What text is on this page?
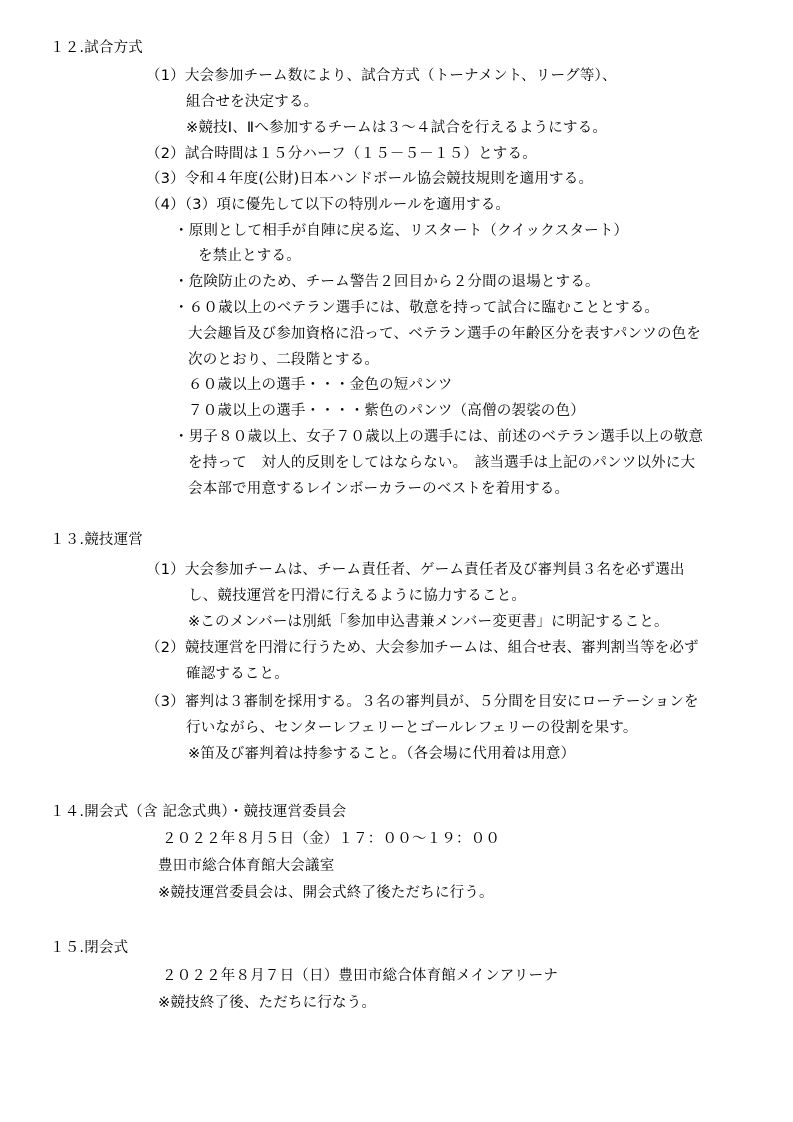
１２.試合方式
（1）大会参加チーム数により、試合方式（トーナメント、リーグ等）、
組合せを決定する。
※競技Ⅰ、Ⅱへ参加するチームは３～４試合を行えるようにする。
（2）試合時間は１５分ハーフ（１５－５－１５）とする。
（3）令和４年度(公財)日本ハンドボール協会競技規則を適用する。
（4）（3）項に優先して以下の特別ルールを適用する。
・原則として相手が自陣に戻る迄、リスタート（クイックスタート）
を禁止とする。
・危険防止のため、チーム警告２回目から２分間の退場とする。
・６０歳以上のベテラン選手には、敬意を持って試合に臨むこととする。
大会趣旨及び参加資格に沿って、ベテラン選手の年齢区分を表すパンツの色を
次のとおり、二段階とする。
６０歳以上の選手・・・金色の短パンツ
７０歳以上の選手・・・・紫色のパンツ（高僧の袈裟の色）
・男子８０歳以上、女子７０歳以上の選手には、前述のベテラン選手以上の敬意
を持って　対人的反則をしてはならない。　該当選手は上記のパンツ以外に大
会本部で用意するレインボーカラーのベストを着用する。
１３.競技運営
（1）大会参加チームは、チーム責任者、ゲーム責任者及び審判員３名を必ず選出
し、競技運営を円滑に行えるように協力すること。
※このメンバーは別紙「参加申込書兼メンバー変更書」に明記すること。
（2）競技運営を円滑に行うため、大会参加チームは、組合せ表、審判割当等を必ず
確認すること。
（3）審判は３審制を採用する。３名の審判員が、５分間を目安にローテーションを
行いながら、センターレフェリーとゴールレフェリーの役割を果す。
※笛及び審判着は持参すること。（各会場に代用着は用意）
１４.開会式（含 記念式典）・競技運営委員会
２０２２年８月５日（金）１７：００～１９：００
豊田市総合体育館大会議室
※競技運営委員会は、開会式終了後ただちに行う。
１５.閉会式
２０２２年８月７日（日）豊田市総合体育館メインアリーナ
※競技終了後、ただちに行なう。
